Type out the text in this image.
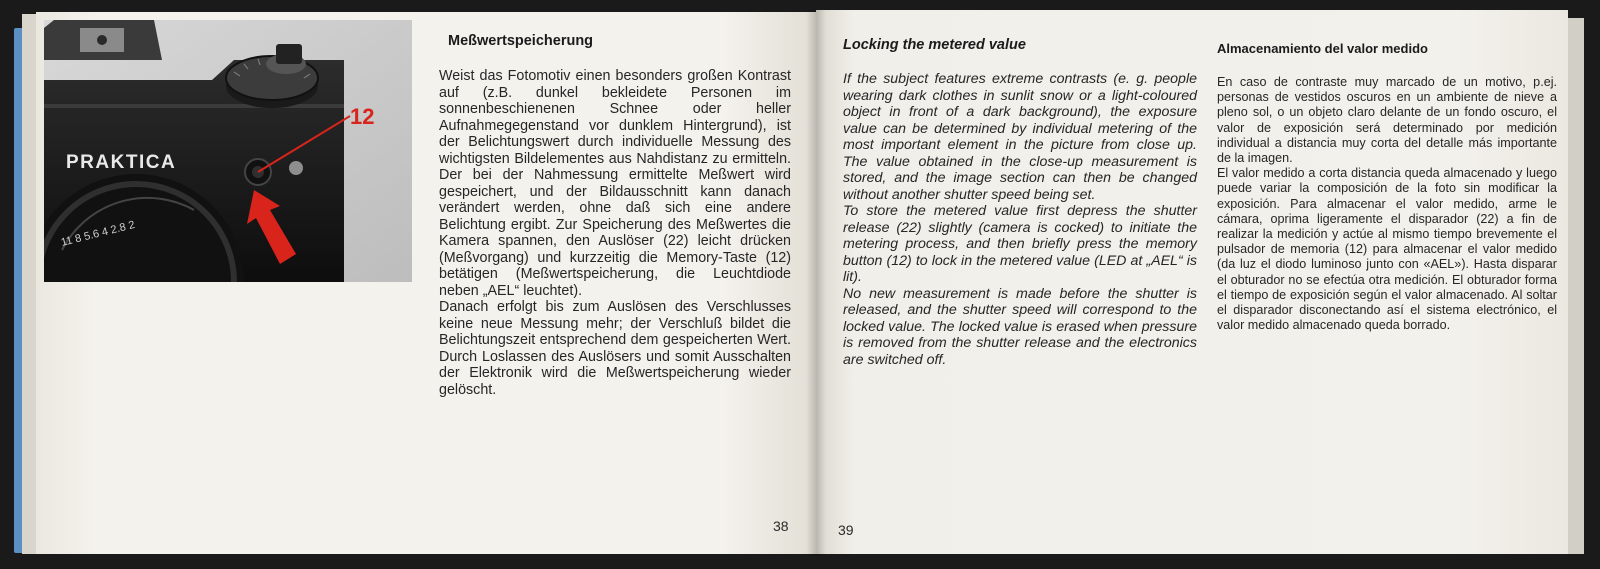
PRAKTICA
11 8 5.6 4 2.8 2
12
Meßwertspeicherung

Weist das Fotomotiv einen besonders großen Kontrast auf (z.B. dunkel bekleidete Personen im sonnenbeschienenen Schnee oder heller Aufnahmegegenstand vor dunklem Hintergrund), ist der Belichtungswert durch individuelle Messung des wichtigsten Bildelementes aus Nahdistanz zu ermitteln. Der bei der Nahmessung ermittelte Meßwert wird gespeichert, und der Bildausschnitt kann danach verändert werden, ohne daß sich eine andere Belichtung ergibt. Zur Speicherung des Meßwertes die Kamera spannen, den Auslöser (22) leicht drücken (Meßvorgang) und kurzzeitig die Memory-Taste (12) betätigen (Meßwertspeicherung, die Leuchtdiode neben „AEL“ leuchtet).

Danach erfolgt bis zum Auslösen des Verschlusses keine neue Messung mehr; der Verschluß bildet die Belichtungszeit entsprechend dem gespeicherten Wert. Durch Loslassen des Auslösers und somit Ausschalten der Elektronik wird die Meßwertspeicherung wieder gelöscht.

38
Locking the metered value

If the subject features extreme contrasts (e. g. people wearing dark clothes in sunlit snow or a light-coloured object in front of a dark background), the exposure value can be determined by individual metering of the most important element in the picture from close up. The value obtained in the close-up measurement is stored, and the image section can then be changed without another shutter speed being set.

To store the metered value first depress the shutter release (22) slightly (camera is cocked) to initiate the metering process, and then briefly press the memory button (12) to lock in the metered value (LED at „AEL“ is lit).

No new measurement is made before the shutter is released, and the shutter speed will correspond to the locked value. The locked value is erased when pressure is removed from the shutter release and the electronics are switched off.

Almacenamiento del valor medido

En caso de contraste muy marcado de un motivo, p.ej. personas de vestidos oscuros en un ambiente de nieve a pleno sol, o un objeto claro delante de un fondo oscuro, el valor de exposición será determinado por medición individual a distancia muy corta del detalle más importante de la imagen.

El valor medido a corta distancia queda almacenado y luego puede variar la composición de la foto sin modificar la exposición. Para almacenar el valor medido, arme le cámara, oprima ligeramente el disparador (22) a fin de realizar la medición y actúe al mismo tiempo brevemente el pulsador de memoria (12) para almacenar el valor medido (da luz el diodo luminoso junto con «AEL»). Hasta disparar el obturador no se efectúa otra medición. El obturador forma el tiempo de exposición según el valor almacenado. Al soltar el disparador disconectando así el sistema electrónico, el valor medido almacenado queda borrado.

39
